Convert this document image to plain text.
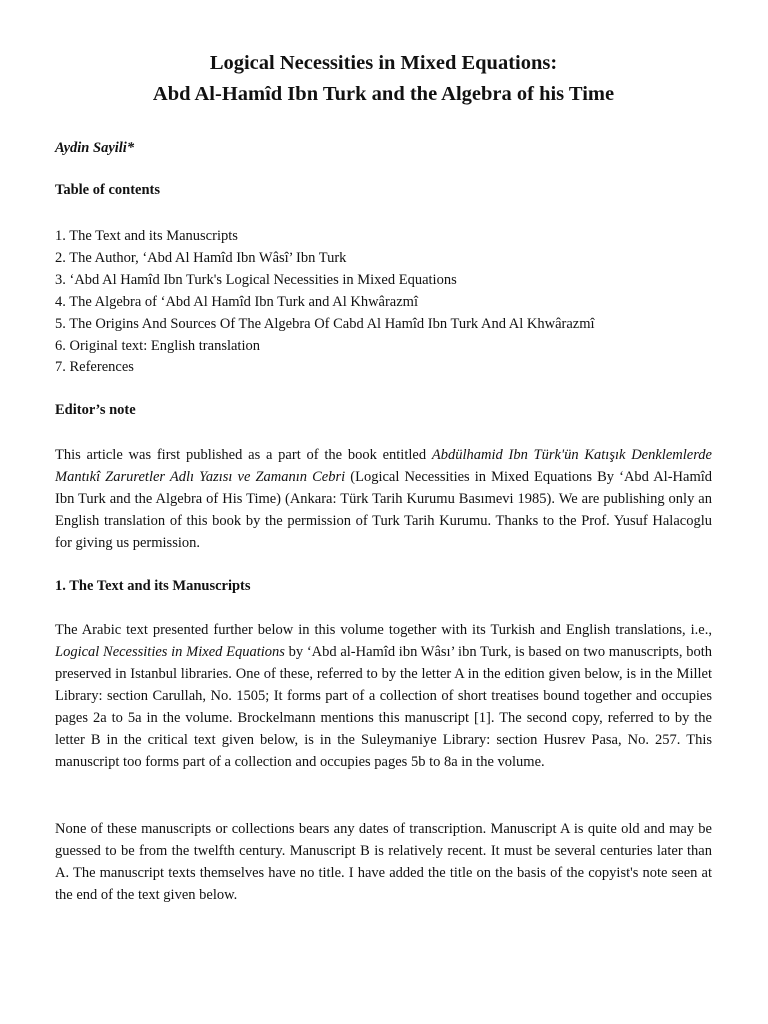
Logical Necessities in Mixed Equations:
Abd Al-Hamîd Ibn Turk and the Algebra of his Time

Aydin Sayili*

Table of contents

1. The Text and its Manuscripts
2. The Author, ‘Abd Al Hamîd Ibn Wâsî’ Ibn Turk
3. ‘Abd Al Hamîd Ibn Turk's Logical Necessities in Mixed Equations
4. The Algebra of ‘Abd Al Hamîd Ibn Turk and Al Khwârazmî
5. The Origins And Sources Of The Algebra Of Cabd Al Hamîd Ibn Turk And Al Khwârazmî
6. Original text: English translation
7. References

Editor’s note

This article was first published as a part of the book entitled Abdülhamid Ibn Türk'ün Katışık Denklemlerde Mantıkî Zaruretler Adlı Yazısı ve Zamanın Cebri (Logical Necessities in Mixed Equations By ‘Abd Al-Hamîd Ibn Turk and the Algebra of His Time) (Ankara: Türk Tarih Kurumu Basımevi 1985). We are publishing only an English translation of this book by the permission of Turk Tarih Kurumu. Thanks to the Prof. Yusuf Halacoglu for giving us permission.

1. The Text and its Manuscripts

The Arabic text presented further below in this volume together with its Turkish and English translations, i.e., Logical Necessities in Mixed Equations by ‘Abd al-Hamîd ibn Wâsı’ ibn Turk, is based on two manuscripts, both preserved in Istanbul libraries. One of these, referred to by the letter A in the edition given below, is in the Millet Library: section Carullah, No. 1505; It forms part of a collection of short treatises bound together and occupies pages 2a to 5a in the volume. Brockelmann mentions this manuscript [1]. The second copy, referred to by the letter B in the critical text given below, is in the Suleymaniye Library: section Husrev Pasa, No. 257. This manuscript too forms part of a collection and occupies pages 5b to 8a in the volume.

None of these manuscripts or collections bears any dates of transcription. Manuscript A is quite old and may be guessed to be from the twelfth century. Manuscript B is relatively recent. It must be several centuries later than A. The manuscript texts themselves have no title. I have added the title on the basis of the copyist's note seen at the end of the text given below.
